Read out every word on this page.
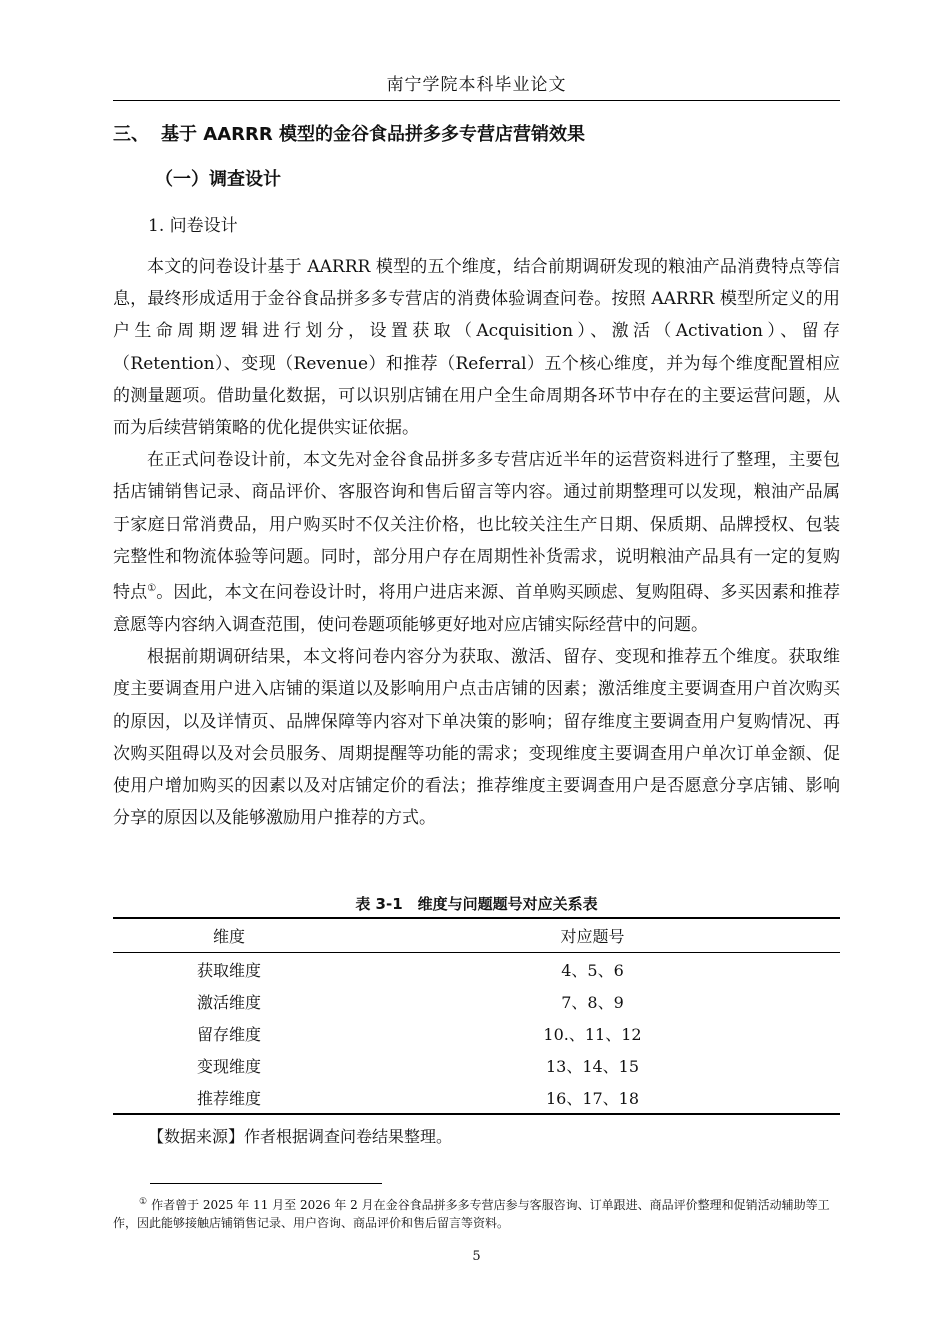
南宁学院本科毕业论文
三、 基于 AARRR 模型的金谷食品拼多多专营店营销效果
（一）调查设计
1. 问卷设计

本文的问卷设计基于 AARRR 模型的五个维度，结合前期调研发现的粮油产品消费特点等信息，最终形成适用于金谷食品拼多多专营店的消费体验调查问卷。按照 AARRR 模型所定义的用户生命周期逻辑进行划分，设置获取（Acquisition）、激活（Activation）、留存（Retention）、变现（Revenue）和推荐（Referral）五个核心维度，并为每个维度配置相应的测量题项。借助量化数据，可以识别店铺在用户全生命周期各环节中存在的主要运营问题，从而为后续营销策略的优化提供实证依据。

在正式问卷设计前，本文先对金谷食品拼多多专营店近半年的运营资料进行了整理，主要包括店铺销售记录、商品评价、客服咨询和售后留言等内容。通过前期整理可以发现，粮油产品属于家庭日常消费品，用户购买时不仅关注价格，也比较关注生产日期、保质期、品牌授权、包装完整性和物流体验等问题。同时，部分用户存在周期性补货需求，说明粮油产品具有一定的复购特点①。因此，本文在问卷设计时，将用户进店来源、首单购买顾虑、复购阻碍、多买因素和推荐意愿等内容纳入调查范围，使问卷题项能够更好地对应店铺实际经营中的问题。

根据前期调研结果，本文将问卷内容分为获取、激活、留存、变现和推荐五个维度。获取维度主要调查用户进入店铺的渠道以及影响用户点击店铺的因素；激活维度主要调查用户首次购买的原因，以及详情页、品牌保障等内容对下单决策的影响；留存维度主要调查用户复购情况、再次购买阻碍以及对会员服务、周期提醒等功能的需求；变现维度主要调查用户单次订单金额、促使用户增加购买的因素以及对店铺定价的看法；推荐维度主要调查用户是否愿意分享店铺、影响分享的原因以及能够激励用户推荐的方式。

表 3-1　维度与问题题号对应关系表
维度	对应题号
获取维度	4、5、6
激活维度	7、8、9
留存维度	10.、11、12
变现维度	13、14、15
推荐维度	16、17、18
【数据来源】作者根据调查问卷结果整理。

① 作者曾于 2025 年 11 月至 2026 年 2 月在金谷食品拼多多专营店参与客服咨询、订单跟进、商品评价整理和促销活动辅助等工作，因此能够接触店铺销售记录、用户咨询、商品评价和售后留言等资料。

5
